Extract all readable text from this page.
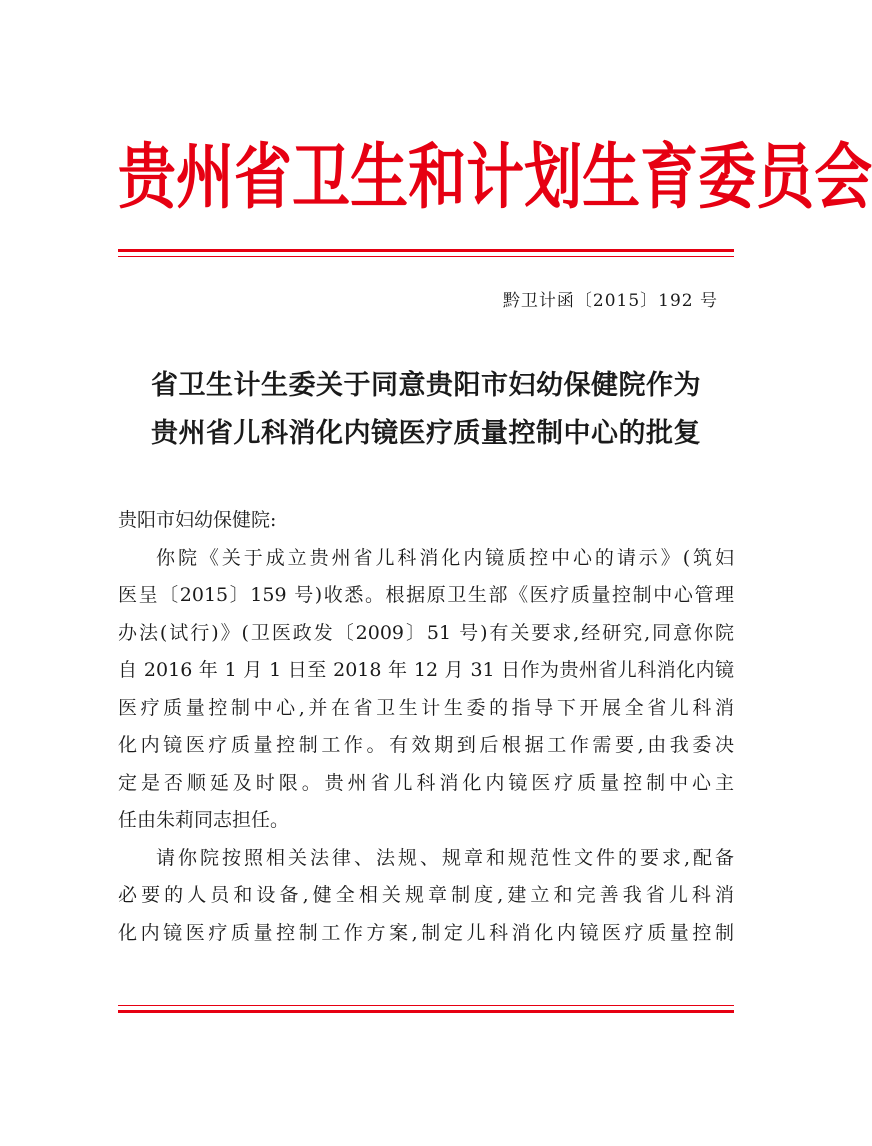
贵 州 省 卫 生 和 计 划 生 育 委 员 会
黔卫计函〔2015〕192 号
省卫生计生委关于同意贵阳市妇幼保健院作为
贵州省儿科消化内镜医疗质量控制中心的批复
贵阳市妇幼保健院:
你院《关于成立贵州省儿科消化内镜质控中心的请示》(筑妇
医呈〔2015〕159 号)收悉。根据原卫生部《医疗质量控制中心管理
办法(试行)》(卫医政发〔2009〕51 号)有关要求,经研究,同意你院
自 2016 年 1 月 1 日至 2018 年 12 月 31 日作为贵州省儿科消化内镜
医疗质量控制中心,并在省卫生计生委的指导下开展全省儿科消
化内镜医疗质量控制工作。有效期到后根据工作需要,由我委决
定是否顺延及时限。贵州省儿科消化内镜医疗质量控制中心主
任由朱莉同志担任。
请你院按照相关法律、法规、规章和规范性文件的要求,配备
必要的人员和设备,健全相关规章制度,建立和完善我省儿科消
化内镜医疗质量控制工作方案,制定儿科消化内镜医疗质量控制
